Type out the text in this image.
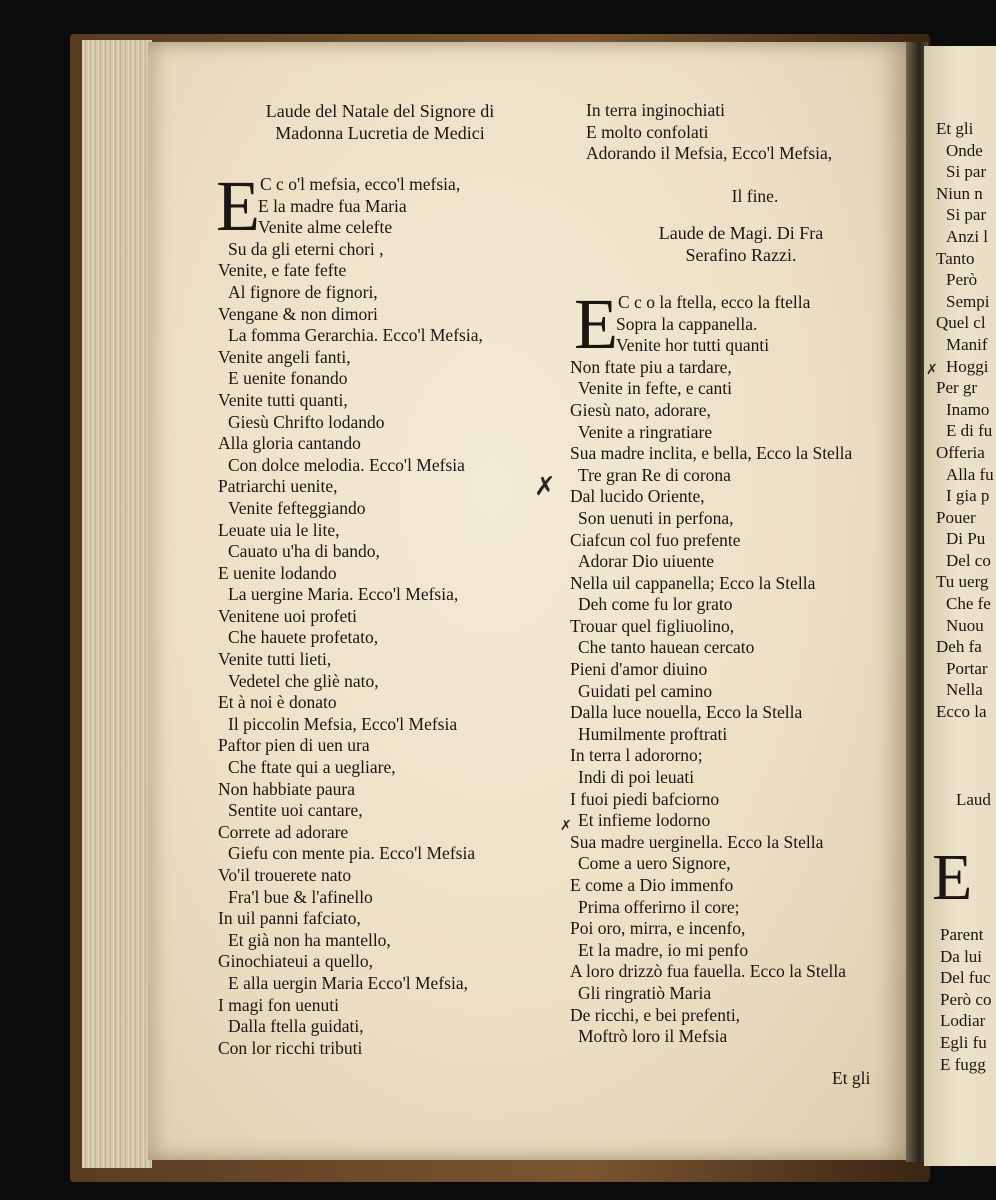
Laude del Natale del Signore di
Madonna Lucretia de Medici
E C c o'l mefsia, ecco'l mefsia,
E la madre fua Maria
Venite alme celefte
Su da gli eterni chori ,
Venite, e fate fefte
Al fignore de fignori,
Vengane & non dimori
La fomma Gerarchia. Ecco'l Mefsia,
Venite angeli fanti,
E uenite fonando
Venite tutti quanti,
Giesù Chrifto lodando
Alla gloria cantando
Con dolce melodia. Ecco'l Mefsia
Patriarchi uenite,
Venite fefteggiando
Leuate uia le lite,
Cauato u'ha di bando,
E uenite lodando
La uergine Maria. Ecco'l Mefsia,
Venitene uoi profeti
Che hauete profetato,
Venite tutti lieti,
Vedetel che gliè nato,
Et à noi è donato
Il piccolin Mefsia, Ecco'l Mefsia
Paftor pien di uen ura
Che ftate qui a uegliare,
Non habbiate paura
Sentite uoi cantare,
Correte ad adorare
Giefu con mente pia. Ecco'l Mefsia
Vo'il trouerete nato
Fra'l bue & l'afinello
In uil panni fafciato,
Et già non ha mantello,
Ginochiateui a quello,
E alla uergin Maria Ecco'l Mefsia,
I magi fon uenuti
Dalla ftella guidati,
Con lor ricchi tributi
In terra inginochiati
E molto confolati
Adorando il Mefsia, Ecco'l Mefsia,
Il fine.
Laude de Magi. Di Fra
Serafino Razzi.
E C c o la ftella, ecco la ftella
Sopra la cappanella.
Venite hor tutti quanti
Non ftate piu a tardare,
Venite in fefte, e canti
Giesù nato, adorare,
Venite a ringratiare
Sua madre inclita, e bella, Ecco la Stella
Tre gran Re di corona
Dal lucido Oriente,
Son uenuti in perfona,
Ciafcun col fuo prefente
Adorar Dio uiuente
Nella uil cappanella; Ecco la Stella
Deh come fu lor grato
Trouar quel figliuolino,
Che tanto hauean cercato
Pieni d'amor diuino
Guidati pel camino
Dalla luce nouella, Ecco la Stella
Humilmente proftrati
In terra l adororno;
Indi di poi leuati
I fuoi piedi bafciorno
Et infieme lodorno
Sua madre uerginella. Ecco la Stella
Come a uero Signore,
E come a Dio immenfo
Prima offerirno il core;
Poi oro, mirra, e incenfo,
Et la madre, io mi penfo
A loro drizzò fua fauella. Ecco la Stella
Gli ringratiò Maria
De ricchi, e bei prefenti,
Moftrò loro il Mefsia
Et gli
✗
✗
✗
Et gli
Onde
Si par
Niun n
Si par
Anzi l
Tanto
Però
Sempi
Quel cl
Manif
Hoggi
Per gr
Inamo
E di fu
Offeria
Alla fu
I gia p
Pouer
Di Pu
Del co
Tu uerg
Che fe
Nuou
Deh fa
Portar
Nella
Ecco la
Laud
E
Parent
Da lui
Del fuc
Però co
Lodiar
Egli fu
E fugg
